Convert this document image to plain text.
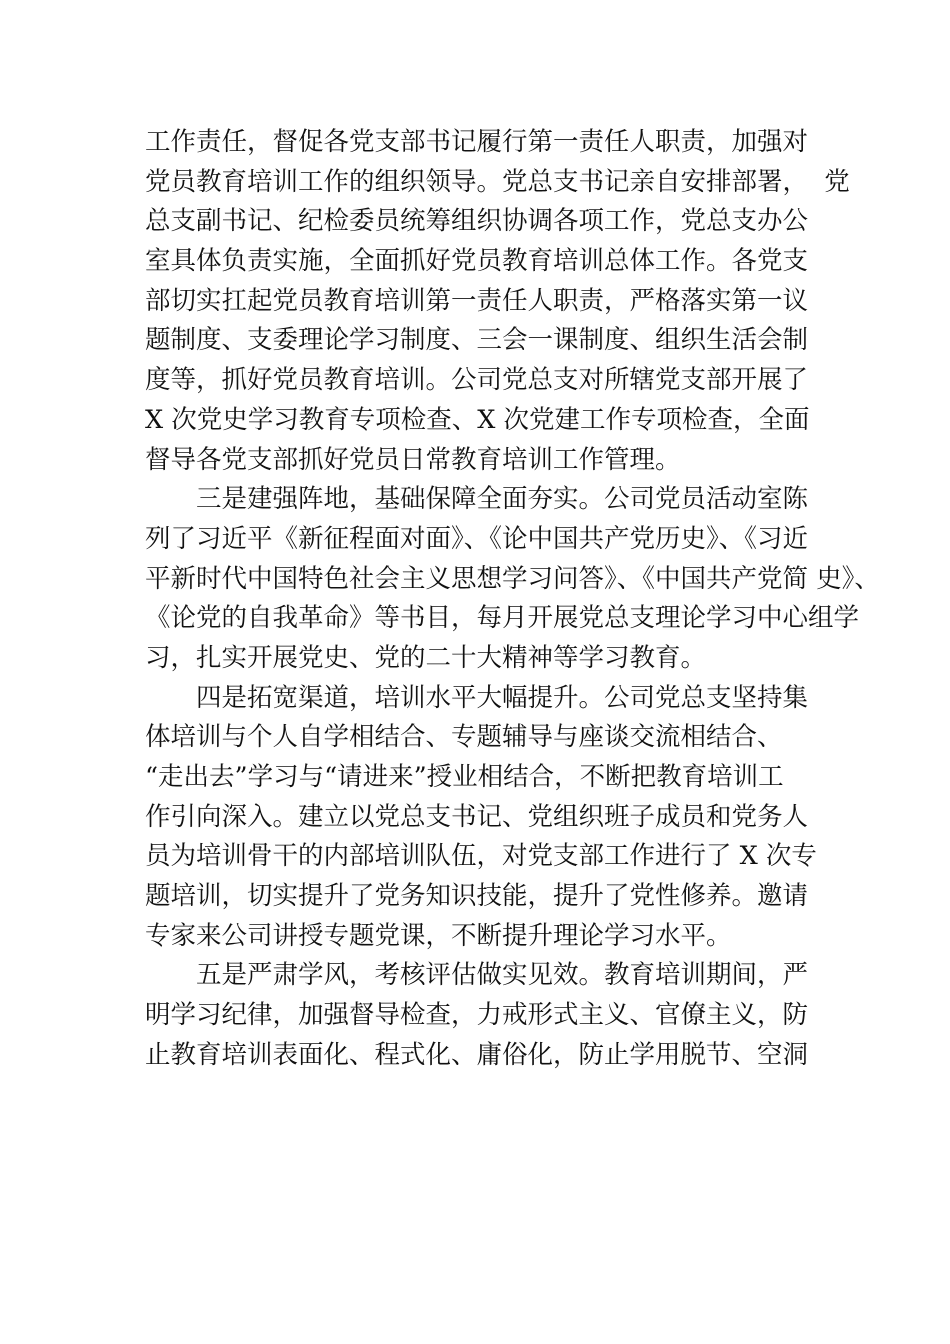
工作责任，督促各党支部书记履行第一责任人职责，加强对
党员教育培训工作的组织领导。党总支书记亲自安排部署，  党
总支副书记、纪检委员统筹组织协调各项工作，党总支办公
室具体负责实施，全面抓好党员教育培训总体工作。各党支
部切实扛起党员教育培训第一责任人职责，严格落实第一议
题制度、支委理论学习制度、三会一课制度、组织生活会制
度等，抓好党员教育培训。公司党总支对所辖党支部开展了
X 次党史学习教育专项检查、X 次党建工作专项检查，全面
督导各党支部抓好党员日常教育培训工作管理。
三是建强阵地，基础保障全面夯实。公司党员活动室陈
列了习近平《新征程面对面》、《论中国共产党历史》、《习近
平新时代中国特色社会主义思想学习问答》、《中国共产党简 史》、
《论党的自我革命》等书目，每月开展党总支理论学习中心组学
习，扎实开展党史、党的二十大精神等学习教育。
四是拓宽渠道，培训水平大幅提升。公司党总支坚持集
体培训与个人自学相结合、专题辅导与座谈交流相结合、
“走出去”学习与“请进来”授业相结合，不断把教育培训工
作引向深入。建立以党总支书记、党组织班子成员和党务人
员为培训骨干的内部培训队伍，对党支部工作进行了 X 次专
题培训，切实提升了党务知识技能，提升了党性修养。邀请
专家来公司讲授专题党课，不断提升理论学习水平。
五是严肃学风，考核评估做实见效。教育培训期间，严
明学习纪律，加强督导检查，力戒形式主义、官僚主义，防
止教育培训表面化、程式化、庸俗化，防止学用脱节、空洞
